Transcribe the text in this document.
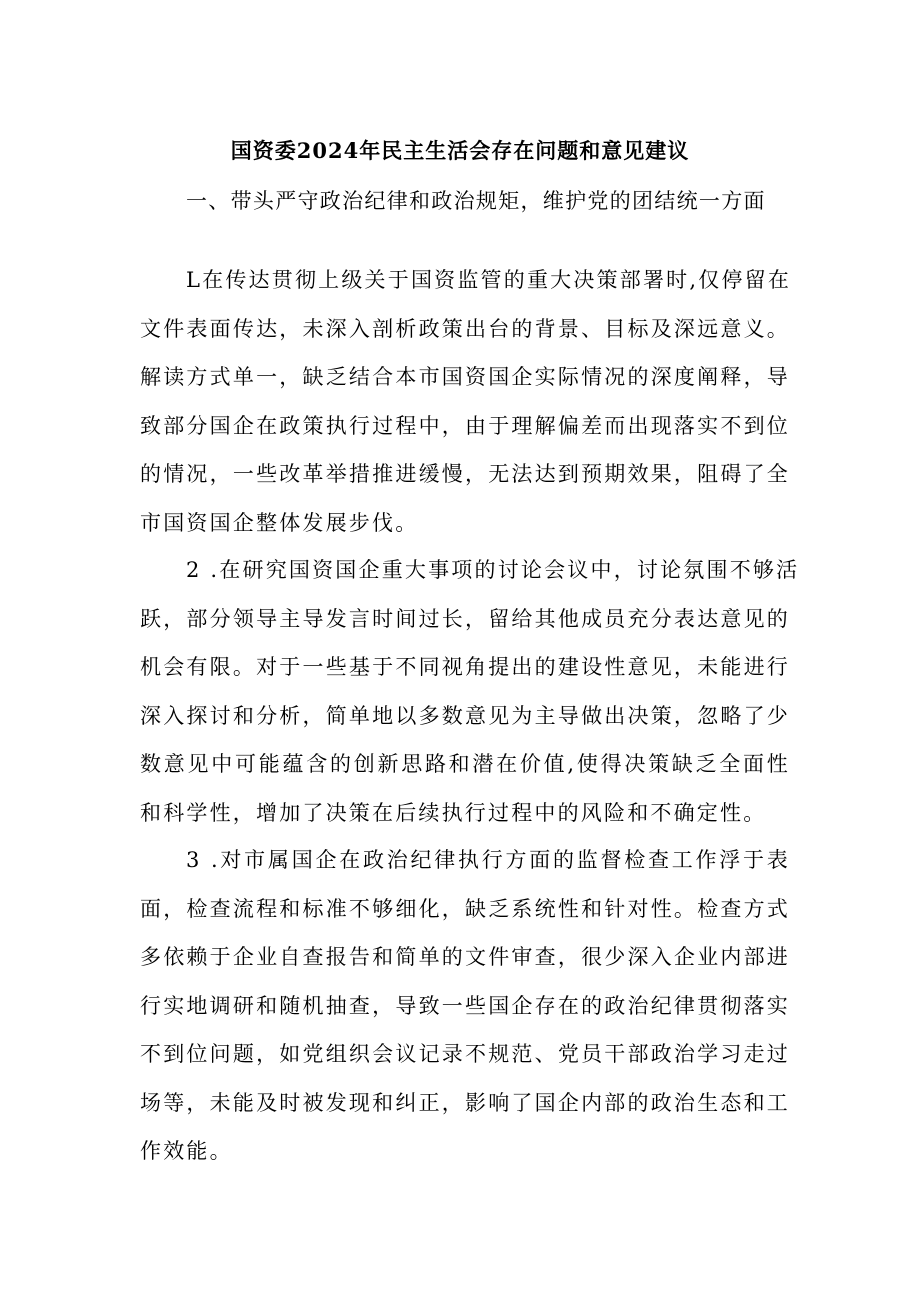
国资委2024年民主生活会存在问题和意见建议
一、带头严守政治纪律和政治规矩，维护党的团结统一方面
L在传达贯彻上级关于国资监管的重大决策部署时,仅停留在
文件表面传达，未深入剖析政策出台的背景、目标及深远意义。
解读方式单一，缺乏结合本市国资国企实际情况的深度阐释，导
致部分国企在政策执行过程中，由于理解偏差而出现落实不到位
的情况，一些改革举措推进缓慢，无法达到预期效果，阻碍了全
市国资国企整体发展步伐。
2 .在研究国资国企重大事项的讨论会议中，讨论氛围不够活
跃，部分领导主导发言时间过长，留给其他成员充分表达意见的
机会有限。对于一些基于不同视角提出的建设性意见，未能进行
深入探讨和分析，简单地以多数意见为主导做出决策，忽略了少
数意见中可能蕴含的创新思路和潜在价值,使得决策缺乏全面性
和科学性，增加了决策在后续执行过程中的风险和不确定性。
3 .对市属国企在政治纪律执行方面的监督检查工作浮于表
面，检查流程和标准不够细化，缺乏系统性和针对性。检查方式
多依赖于企业自查报告和简单的文件审查，很少深入企业内部进
行实地调研和随机抽查，导致一些国企存在的政治纪律贯彻落实
不到位问题，如党组织会议记录不规范、党员干部政治学习走过
场等，未能及时被发现和纠正，影响了国企内部的政治生态和工
作效能。
